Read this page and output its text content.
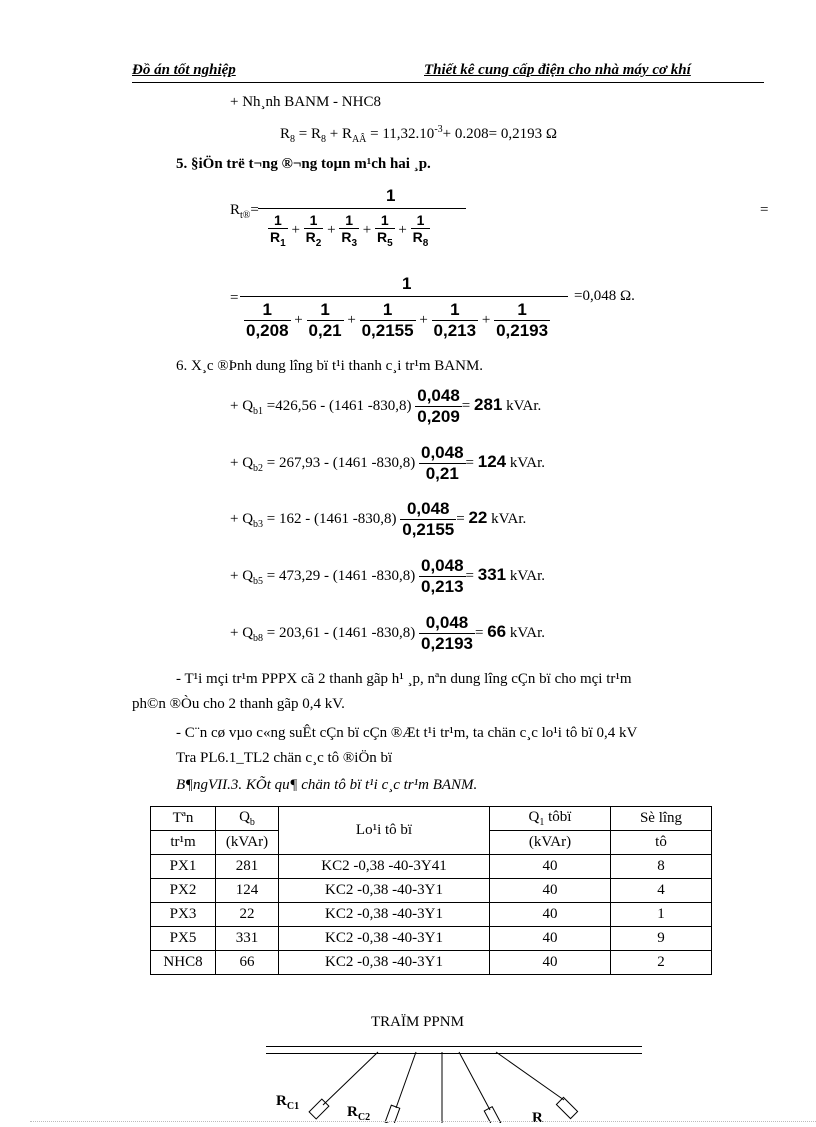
Đồ án tốt nghiệp	Thiết kê cung cấp điện cho nhà máy cơ khí
+ Nh¸nh BANM - NHC8
$R_8 = R_8 + R_{AÂ} = 11,32.10^{-3}+ 0.208= 0,2193$ Ω
5. §iÖn trë t¬ng ®¬ng toµn m¹ch hai ¸p.
$R_{t®}=$
1
$\frac{1}{R_1} + \frac{1}{R_2} + \frac{1}{R_3} + \frac{1}{R_5} + \frac{1}{R_8}$
=
=
1
$\frac{1}{0,208} + \frac{1}{0,21} + \frac{1}{0,2155} + \frac{1}{0,213} + \frac{1}{0,2193}$
=0,048 Ω.
6. X¸c ®Þnh dung lîng bï t¹i thanh c¸i tr¹m BANM.
+ $Q_{b1} =426,56 - (1461$ $-830,8) \frac{0,048}{0,209} = 281$ kVAr.
+ $Q_{b2} = 267,93 - (1461$ $-830,8) \frac{0,048}{0,21} = 124$ kVAr.
+ $Q_{b3} = 162 - (1461$ $-830,8) \frac{0,048}{0,2155} = 22$ kVAr.
+ $Q_{b5} = 473,29 - (1461$ $-830,8) \frac{0,048}{0,213} = 331$ kVAr.
+ $Q_{b8} = 203,61 - (1461$ $-830,8) \frac{0,048}{0,2193} = 66$ kVAr.
- T¹i mçi tr¹m PPPX cã 2 thanh gãp h¹ ¸p, nªn dung lîng cÇn bï cho mçi tr¹m
ph©n ®Òu cho 2 thanh gãp 0,4 kV.
- C¨n cø vµo c«ng suÊt cÇn bï cÇn ®Æt t¹i tr¹m, ta chän c¸c lo¹i tô bï 0,4 kV
Tra PL6.1_TL2 chän c¸c tô ®iÖn bï
B¶ngVII.3. KÕt qu¶ chän tô bï t¹i c¸c tr¹m BANM.
Tªn	$Q_b$	Lo¹i tô bï	$Q_1$ tôbï	Sè lîng
tr¹m	(kVAr)		(kVAr)	tô
PX1	281	KC2 -0,38 -40-3Y41	40	8
PX2	124	KC2 -0,38 -40-3Y1	40	4
PX3	22	KC2 -0,38 -40-3Y1	40	1
PX5	331	KC2 -0,38 -40-3Y1	40	9
NHC8	66	KC2 -0,38 -40-3Y1	40	2
TRAÏM PPNM
$R_{C1}$	$R_{C2}$	R
